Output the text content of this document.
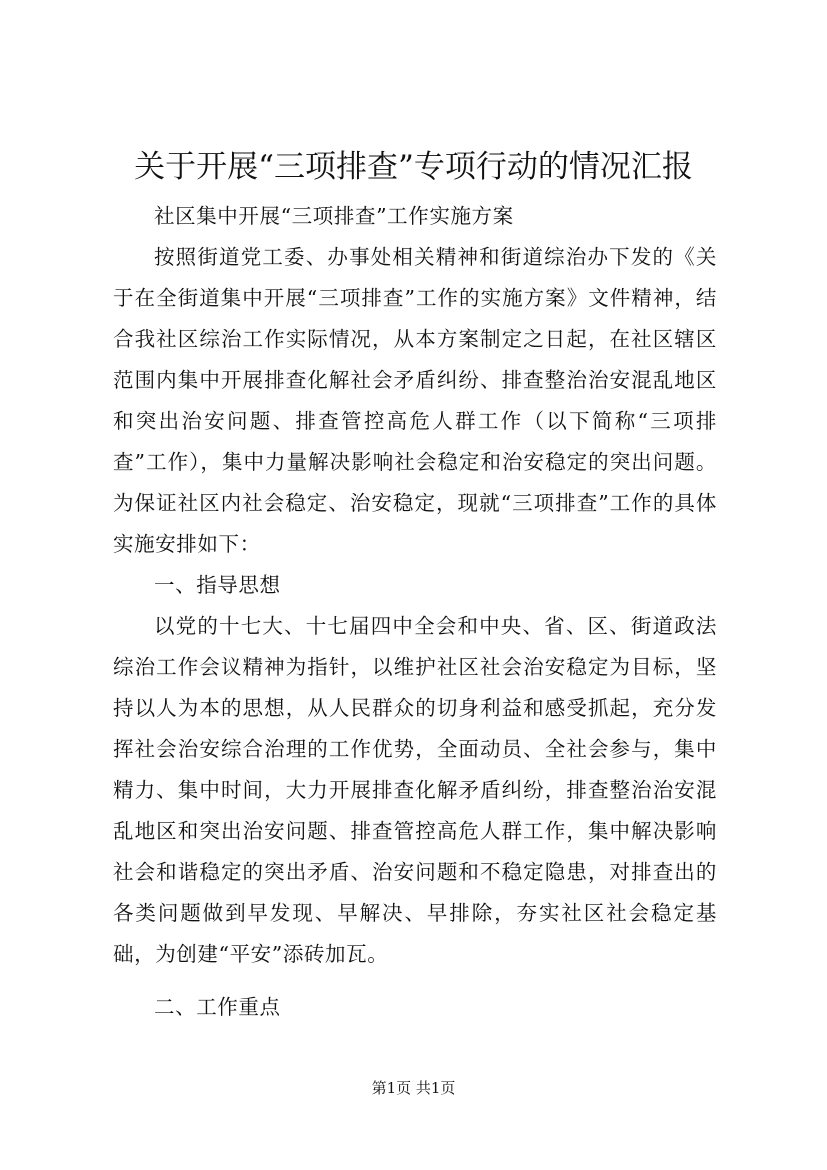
关于开展“三项排查”专项行动的情况汇报

社区集中开展“三项排查”工作实施方案

按照街道党工委、办事处相关精神和街道综治办下发的《关于在全街道集中开展“三项排查”工作的实施方案》文件精神，结合我社区综治工作实际情况，从本方案制定之日起，在社区辖区范围内集中开展排查化解社会矛盾纠纷、排查整治治安混乱地区和突出治安问题、排查管控高危人群工作（以下简称“三项排查”工作），集中力量解决影响社会稳定和治安稳定的突出问题。为保证社区内社会稳定、治安稳定，现就“三项排查”工作的具体实施安排如下：

一、指导思想

以党的十七大、十七届四中全会和中央、省、区、街道政法综治工作会议精神为指针，以维护社区社会治安稳定为目标，坚持以人为本的思想，从人民群众的切身利益和感受抓起，充分发挥社会治安综合治理的工作优势，全面动员、全社会参与，集中精力、集中时间，大力开展排查化解矛盾纠纷，排查整治治安混乱地区和突出治安问题、排查管控高危人群工作，集中解决影响社会和谐稳定的突出矛盾、治安问题和不稳定隐患，对排查出的各类问题做到早发现、早解决、早排除，夯实社区社会稳定基础，为创建“平安”添砖加瓦。

二、工作重点

第1页 共1页
